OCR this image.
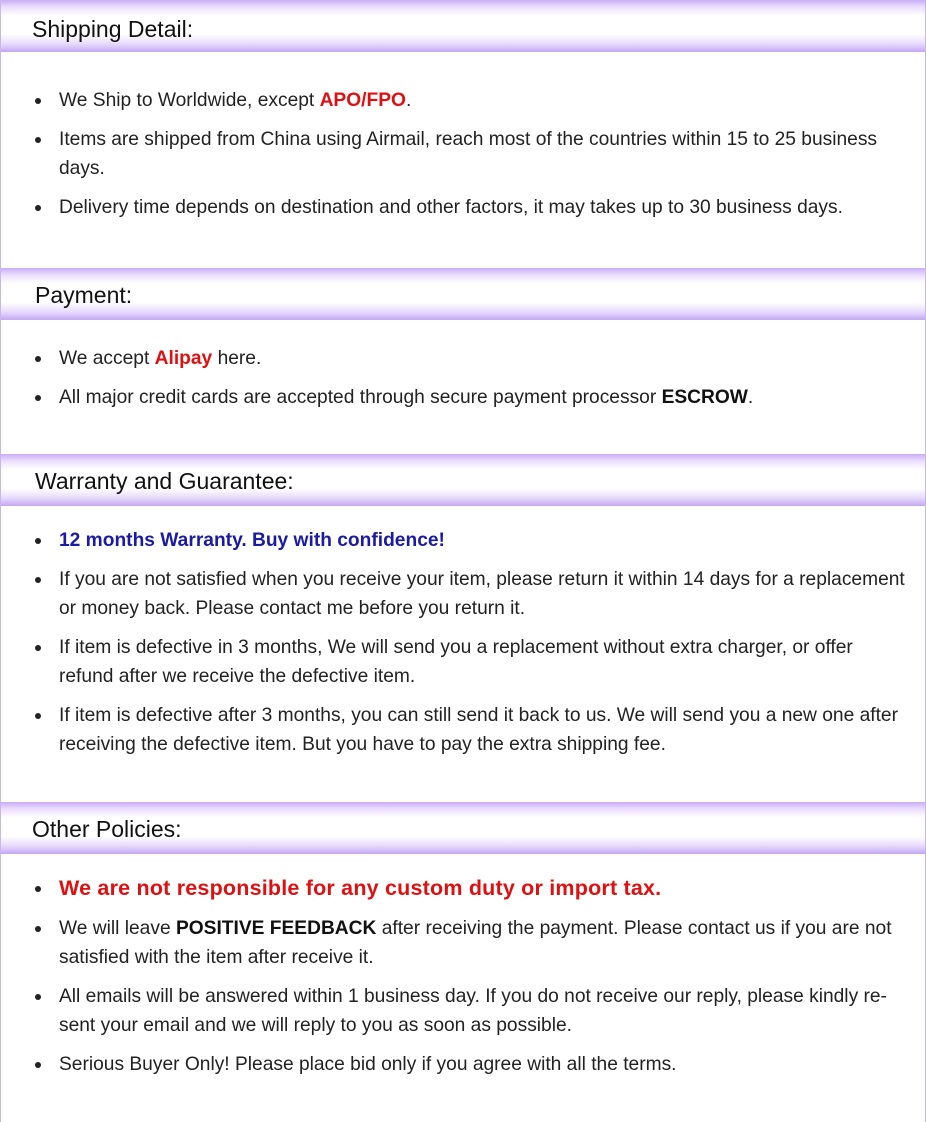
Shipping Detail:
We Ship to Worldwide, except APO/FPO.
Items are shipped from China using Airmail, reach most of the countries within 15 to 25 business days.
Delivery time depends on destination and other factors, it may takes up to 30 business days.
Payment:
We accept Alipay here.
All major credit cards are accepted through secure payment processor ESCROW.
Warranty and Guarantee:
12 months Warranty. Buy with confidence!
If you are not satisfied when you receive your item, please return it within 14 days for a replacement or money back. Please contact me before you return it.
If item is defective in 3 months, We will send you a replacement without extra charger, or offer refund after we receive the defective item.
If item is defective after 3 months, you can still send it back to us. We will send you a new one after receiving the defective item. But you have to pay the extra shipping fee.
Other Policies:
We are not responsible for any custom duty or import tax.
We will leave POSITIVE FEEDBACK after receiving the payment. Please contact us if you are not satisfied with the item after receive it.
All emails will be answered within 1 business day. If you do not receive our reply, please kindly re-sent your email and we will reply to you as soon as possible.
Serious Buyer Only! Please place bid only if you agree with all the terms.
